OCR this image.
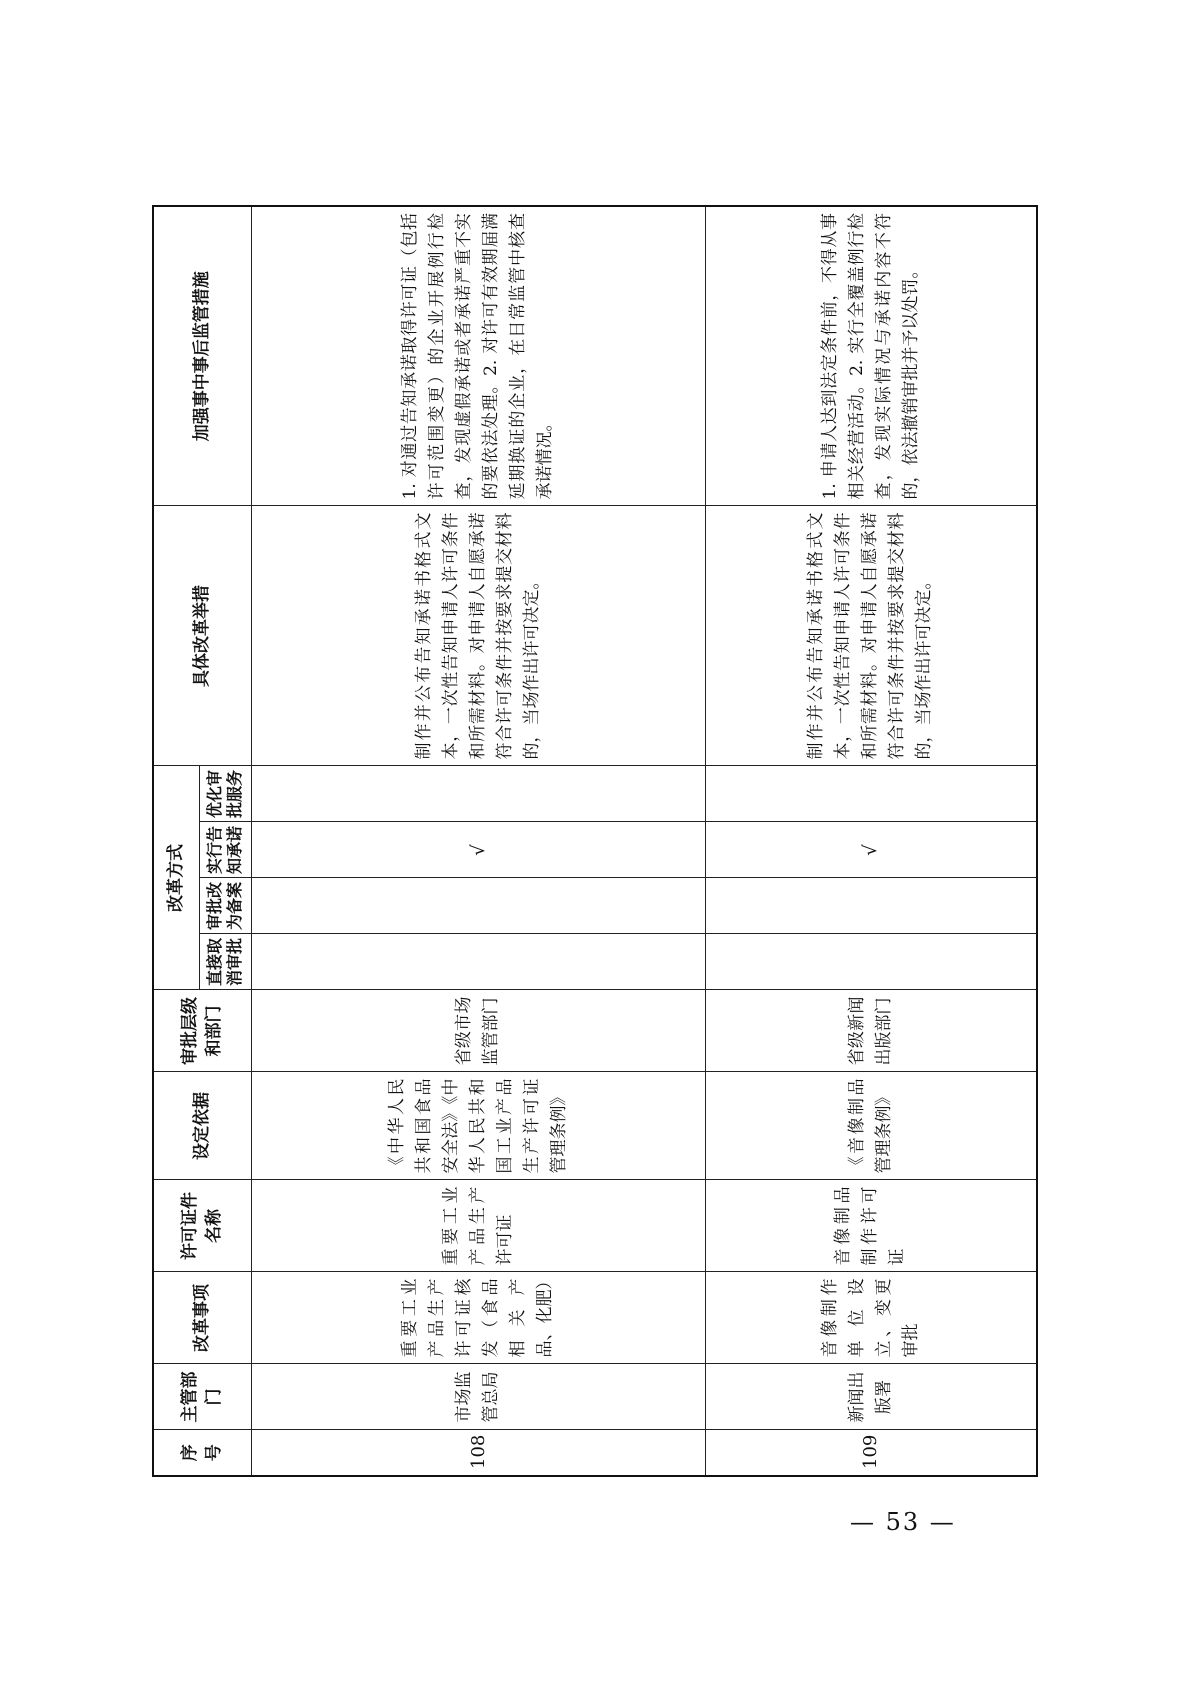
序号	主管部门	改革事项	许可证件名称	设定依据	审批层级和部门	改革方式				具体改革举措	加强事中事后监管措施
						直接取消审批	审批改为备案	实行告知承诺	优化审批服务		
108	市场监管总局	重要工业产品生产许可证核发（食品相关产品、化肥）	重要工业产品生产许可证	《中华人民共和国食品安全法》《中华人民共和国工业产品生产许可证管理条例》	省级市场监管部门			√		制作并公布告知承诺书格式文本，一次性告知申请人许可条件和所需材料。对申请人自愿承诺符合许可条件并按要求提交材料的，当场作出许可决定。	1. 对通过告知承诺取得许可证（包括许可范围变更）的企业开展例行检查，发现虚假承诺或者承诺严重不实的要依法处理。2. 对许可有效期届满延期换证的企业，在日常监管中核查承诺情况。
109	新闻出版署	音像制作单位设立、变更审批	音像制品制作许可证	《音像制品管理条例》	省级新闻出版部门			√		制作并公布告知承诺书格式文本，一次性告知申请人许可条件和所需材料。对申请人自愿承诺符合许可条件并按要求提交材料的，当场作出许可决定。	1. 申请人达到法定条件前，不得从事相关经营活动。2. 实行全覆盖例行检查，发现实际情况与承诺内容不符的，依法撤销审批并予以处罚。
— 53 —
